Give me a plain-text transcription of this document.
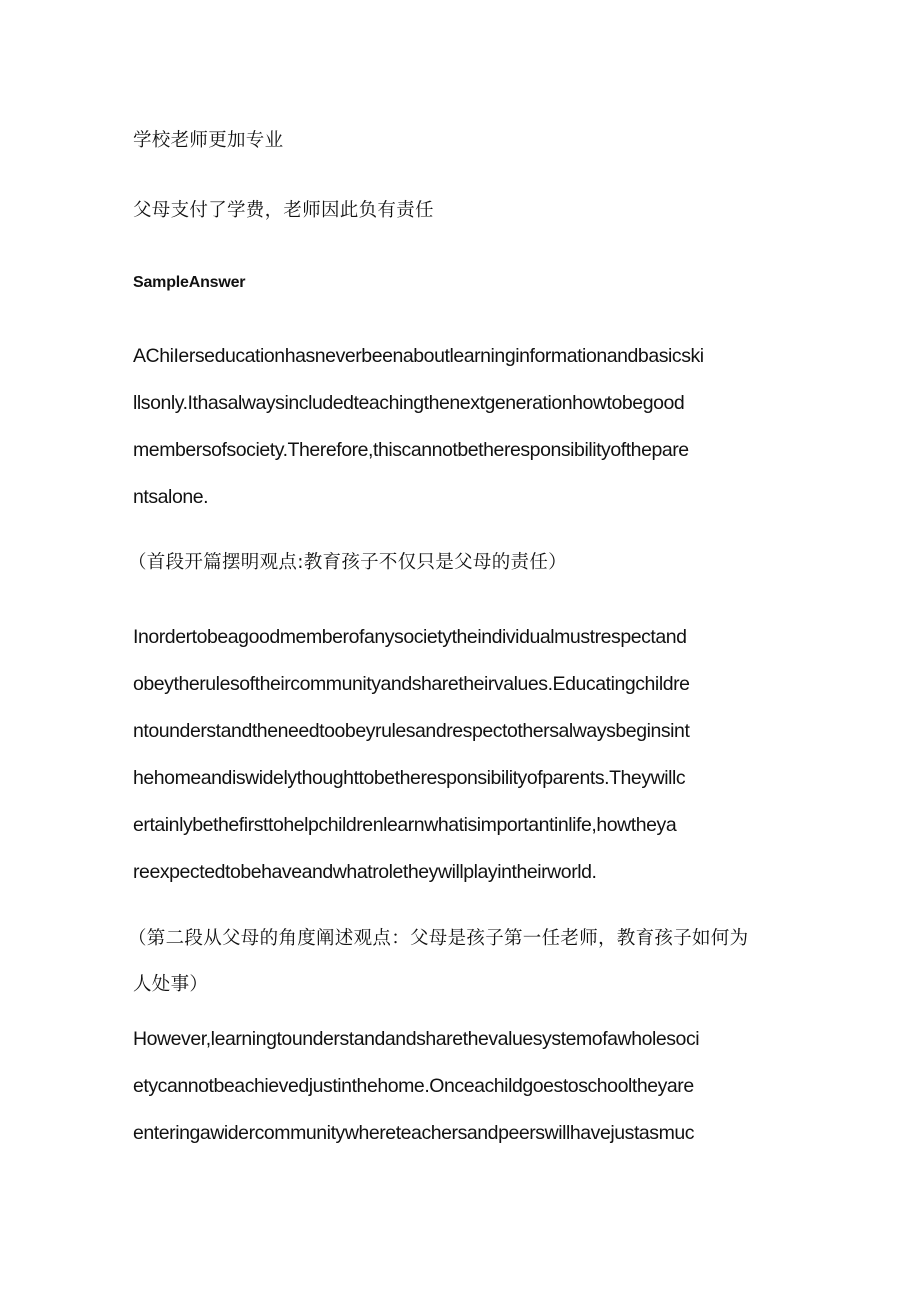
学校老师更加专业
父母支付了学费，老师因此负有责任
SampleAnswer
AChiIerseducationhasneverbeenaboutlearninginformationandbasicski
llsonly.Ithasalwaysincludedteachingthenextgenerationhowtobegood
membersofsociety.Therefore,thiscannotbetheresponsibilityofthepare
ntsalone.
（首段开篇摆明观点:教育孩子不仅只是父母的责任）
Inordertobeagoodmemberofanysocietytheindividualmustrespectand
obeytherulesoftheircommunityandsharetheirvalues.Educatingchildre
ntounderstandtheneedtoobeyrulesandrespectothersalwaysbeginsint
hehomeandiswidelythoughttobetheresponsibilityofparents.Theywillc
ertainlybethefirsttohelpchildrenlearnwhatisimportantinlife,howtheya
reexpectedtobehaveandwhatroletheywillplayintheirworld.
（第二段从父母的角度阐述观点：父母是孩子第一任老师，教育孩子如何为
人处事）
However,learningtounderstandandsharethevaluesystemofawholesoci
etycannotbeachievedjustinthehome.Onceachildgoestoschooltheyare
enteringawidercommunitywhereteachersandpeerswillhavejustasmuc
